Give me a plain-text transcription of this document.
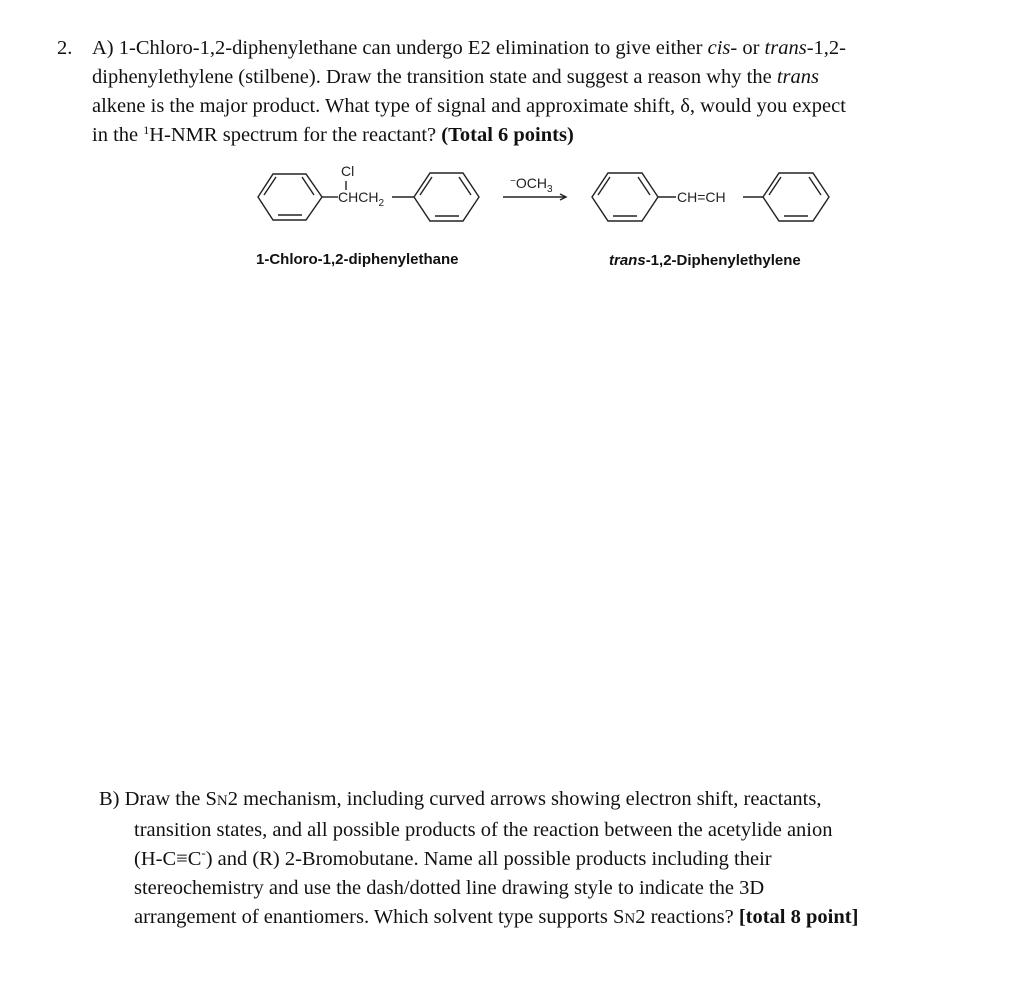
2. A) 1-Chloro-1,2-diphenylethane can undergo E2 elimination to give either cis- or trans-1,2-
diphenylethylene (stilbene). Draw the transition state and suggest a reason why the trans
alkene is the major product. What type of signal and approximate shift, δ, would you expect
in the $^1$H-NMR spectrum for the reactant? (Total 6 points)
Cl
$CHCH_2$
$^-OCH_3$	CH=CH
1-Chloro-1,2-diphenylethane	trans-1,2-Diphenylethylene
B) Draw the SN2 mechanism, including curved arrows showing electron shift, reactants,
transition states, and all possible products of the reaction between the acetylide anion
(H-C≡C-) and (R) 2-Bromobutane. Name all possible products including their
stereochemistry and use the dash/dotted line drawing style to indicate the 3D
arrangement of enantiomers. Which solvent type supports SN2 reactions? [total 8 point]
